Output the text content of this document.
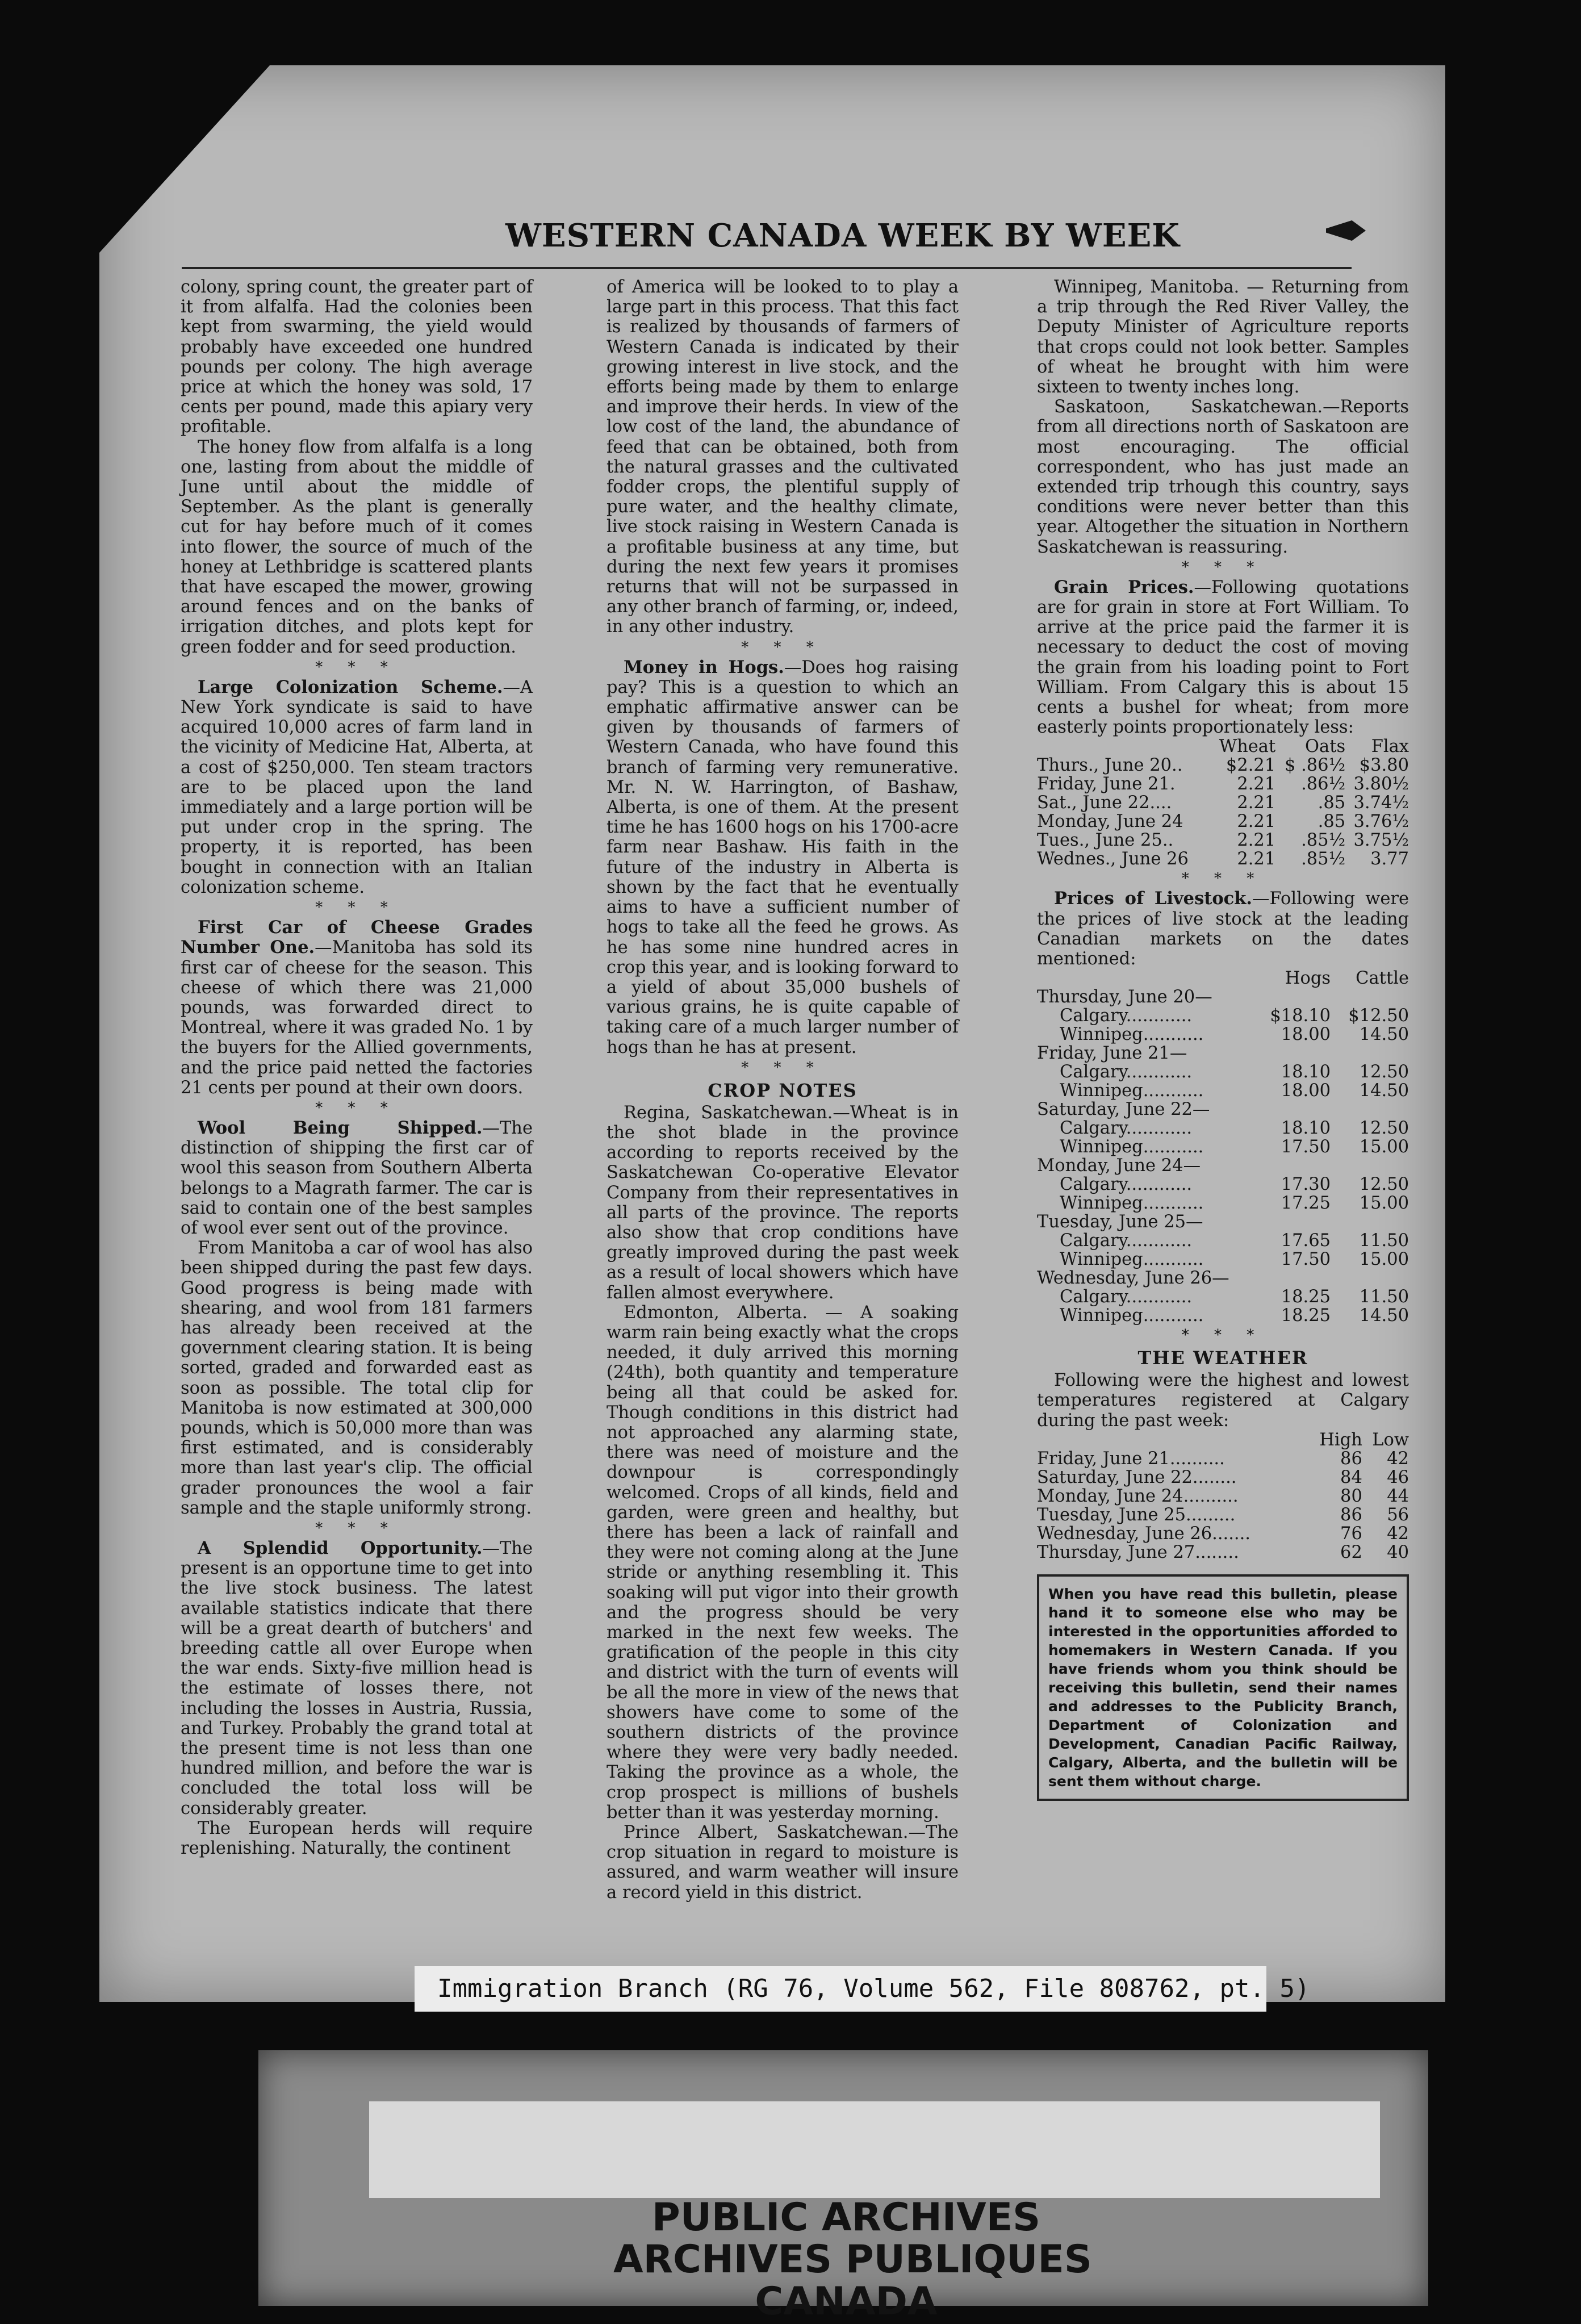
WESTERN CANADA WEEK BY WEEK

colony, spring count, the greater part of it from alfalfa. Had the colonies been kept from swarming, the yield would probably have exceeded one hundred pounds per colony. The high average price at which the honey was sold, 17 cents per pound, made this apiary very profitable.

The honey flow from alfalfa is a long one, lasting from about the middle of June until about the middle of September. As the plant is generally cut for hay before much of it comes into flower, the source of much of the honey at Lethbridge is scattered plants that have escaped the mower, growing around fences and on the banks of irrigation ditches, and plots kept for green fodder and for seed production.

* * *

Large Colonization Scheme.—A New York syndicate is said to have acquired 10,000 acres of farm land in the vicinity of Medicine Hat, Alberta, at a cost of $250,000. Ten steam tractors are to be placed upon the land immediately and a large portion will be put under crop in the spring. The property, it is reported, has been bought in connection with an Italian colonization scheme.

* * *

First Car of Cheese Grades Number One.—Manitoba has sold its first car of cheese for the season. This cheese of which there was 21,000 pounds, was forwarded direct to Montreal, where it was graded No. 1 by the buyers for the Allied governments, and the price paid netted the factories 21 cents per pound at their own doors.

* * *

Wool Being Shipped.—The distinction of shipping the first car of wool this season from Southern Alberta belongs to a Magrath farmer. The car is said to contain one of the best samples of wool ever sent out of the province.

From Manitoba a car of wool has also been shipped during the past few days. Good progress is being made with shearing, and wool from 181 farmers has already been received at the government clearing station. It is being sorted, graded and forwarded east as soon as possible. The total clip for Manitoba is now estimated at 300,000 pounds, which is 50,000 more than was first estimated, and is considerably more than last year's clip. The official grader pronounces the wool a fair sample and the staple uniformly strong.

* * *

A Splendid Opportunity.—The present is an opportune time to get into the live stock business. The latest available statistics indicate that there will be a great dearth of butchers' and breeding cattle all over Europe when the war ends. Sixty-five million head is the estimate of losses there, not including the losses in Austria, Russia, and Turkey. Probably the grand total at the present time is not less than one hundred million, and before the war is concluded the total loss will be considerably greater.

The European herds will require replenishing. Naturally, the continent

of America will be looked to to play a large part in this process. That this fact is realized by thousands of farmers of Western Canada is indicated by their growing interest in live stock, and the efforts being made by them to enlarge and improve their herds. In view of the low cost of the land, the abundance of feed that can be obtained, both from the natural grasses and the cultivated fodder crops, the plentiful supply of pure water, and the healthy climate, live stock raising in Western Canada is a profitable business at any time, but during the next few years it promises returns that will not be surpassed in any other branch of farming, or, indeed, in any other industry.

* * *

Money in Hogs.—Does hog raising pay? This is a question to which an emphatic affirmative answer can be given by thousands of farmers of Western Canada, who have found this branch of farming very remunerative. Mr. N. W. Harrington, of Bashaw, Alberta, is one of them. At the present time he has 1600 hogs on his 1700-acre farm near Bashaw. His faith in the future of the industry in Alberta is shown by the fact that he eventually aims to have a sufficient number of hogs to take all the feed he grows. As he has some nine hundred acres in crop this year, and is looking forward to a yield of about 35,000 bushels of various grains, he is quite capable of taking care of a much larger number of hogs than he has at present.

* * *
CROP NOTES

Regina, Saskatchewan.—Wheat is in the shot blade in the province according to reports received by the Saskatchewan Co-operative Elevator Company from their representatives in all parts of the province. The reports also show that crop conditions have greatly improved during the past week as a result of local showers which have fallen almost everywhere.

Edmonton, Alberta. — A soaking warm rain being exactly what the crops needed, it duly arrived this morning (24th), both quantity and temperature being all that could be asked for. Though conditions in this district had not approached any alarming state, there was need of moisture and the downpour is correspondingly welcomed. Crops of all kinds, field and garden, were green and healthy, but there has been a lack of rainfall and they were not coming along at the June stride or anything resembling it. This soaking will put vigor into their growth and the progress should be very marked in the next few weeks. The gratification of the people in this city and district with the turn of events will be all the more in view of the news that showers have come to some of the southern districts of the province where they were very badly needed. Taking the province as a whole, the crop prospect is millions of bushels better than it was yesterday morning.

Prince Albert, Saskatchewan.—The crop situation in regard to moisture is assured, and warm weather will insure a record yield in this district.

Winnipeg, Manitoba. — Returning from a trip through the Red River Valley, the Deputy Minister of Agriculture reports that crops could not look better. Samples of wheat he brought with him were sixteen to twenty inches long.

Saskatoon, Saskatchewan.—Reports from all directions north of Saskatoon are most encouraging. The official correspondent, who has just made an extended trip trhough this country, says conditions were never better than this year. Altogether the situation in Northern Saskatchewan is reassuring.

* * *

Grain Prices.—Following quotations are for grain in store at Fort William. To arrive at the price paid the farmer it is necessary to deduct the cost of moving the grain from his loading point to Fort William. From Calgary this is about 15 cents a bushel for wheat; from more easterly points proportionately less:

	Wheat	Oats	Flax
Thurs., June 20..	$2.21	$ .86½	$3.80
Friday, June 21.	2.21	.86½	3.80½
Sat., June 22....	2.21	.85	3.74½
Monday, June 24	2.21	.85	3.76½
Tues., June 25..	2.21	.85½	3.75½
Wednes., June 26	2.21	.85½	3.77
* * *

Prices of Livestock.—Following were the prices of live stock at the leading Canadian markets on the dates mentioned:

	Hogs	Cattle
Thursday, June 20—		
Calgary............	$18.10	$12.50
Winnipeg...........	18.00	14.50
Friday, June 21—		
Calgary............	18.10	12.50
Winnipeg...........	18.00	14.50
Saturday, June 22—		
Calgary............	18.10	12.50
Winnipeg...........	17.50	15.00
Monday, June 24—		
Calgary............	17.30	12.50
Winnipeg...........	17.25	15.00
Tuesday, June 25—		
Calgary............	17.65	11.50
Winnipeg...........	17.50	15.00
Wednesday, June 26—		
Calgary............	18.25	11.50
Winnipeg...........	18.25	14.50
* * *
THE WEATHER

Following were the highest and lowest temperatures registered at Calgary during the past week:

	High	Low
Friday, June 21..........	86	42
Saturday, June 22........	84	46
Monday, June 24..........	80	44
Tuesday, June 25.........	86	56
Wednesday, June 26.......	76	42
Thursday, June 27........	62	40
When you have read this bulletin, please hand it to someone else who may be interested in the opportunities afforded to homemakers in Western Canada. If you have friends whom you think should be receiving this bulletin, send their names and addresses to the Publicity Branch, Department of Colonization and Development, Canadian Pacific Railway, Calgary, Alberta, and the bulletin will be sent them without charge.
Immigration Branch (RG 76, Volume 562, File 808762, pt. 5)
PUBLIC ARCHIVES
ARCHIVES PUBLIQUES
CANADA
